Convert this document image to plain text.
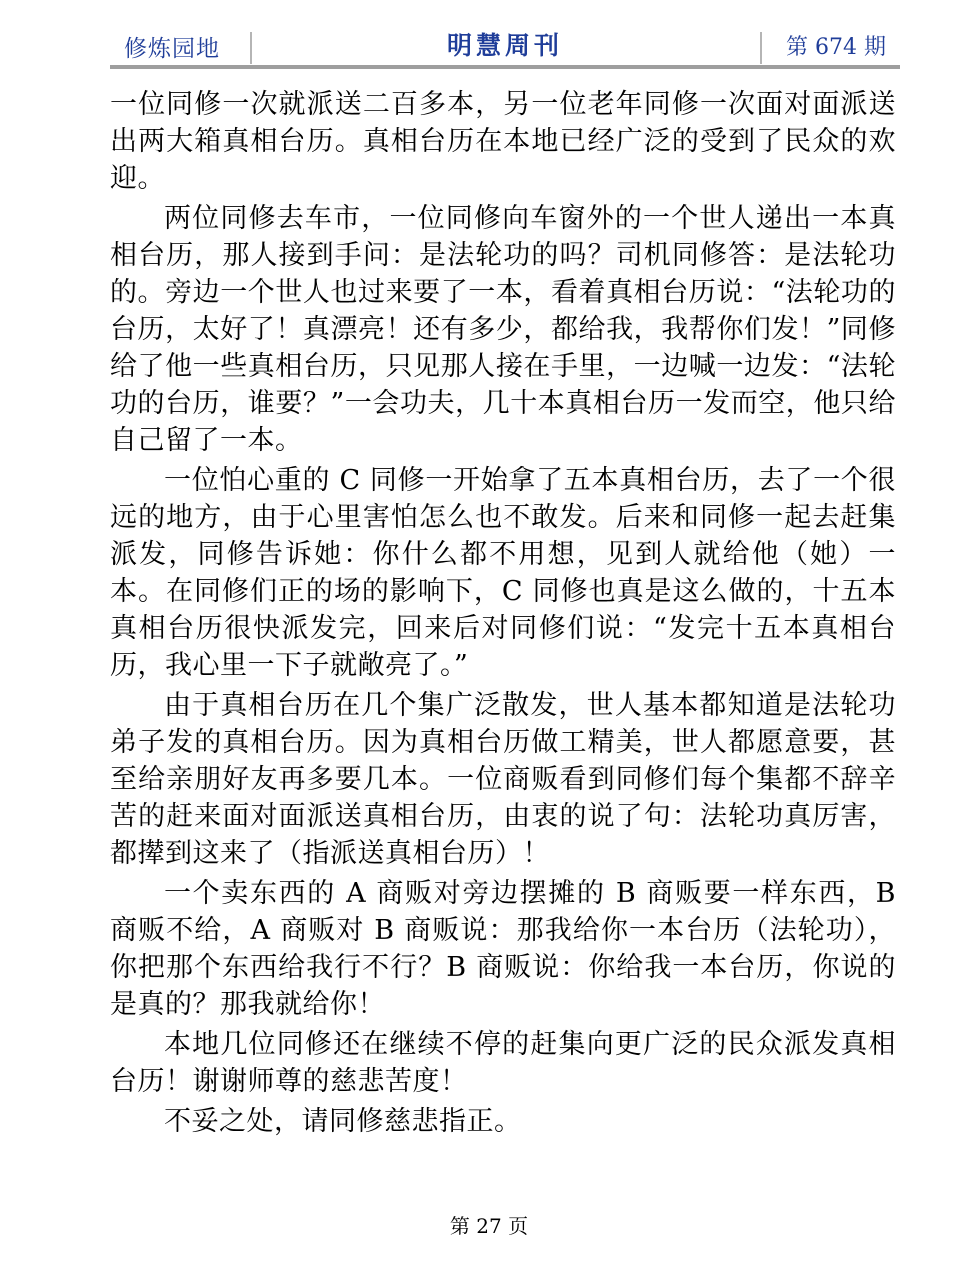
修炼园地	明慧周刊	第 674 期

一位同修一次就派送二百多本，另一位老年同修一次面对面派送出两大箱真相台历。真相台历在本地已经广泛的受到了民众的欢迎。

两位同修去车市，一位同修向车窗外的一个世人递出一本真相台历，那人接到手问：是法轮功的吗？司机同修答：是法轮功的。旁边一个世人也过来要了一本，看着真相台历说：“法轮功的台历，太好了！真漂亮！还有多少，都给我，我帮你们发！”同修给了他一些真相台历，只见那人接在手里，一边喊一边发：“法轮功的台历，谁要？”一会功夫，几十本真相台历一发而空，他只给自己留了一本。

一位怕心重的 C 同修一开始拿了五本真相台历，去了一个很远的地方，由于心里害怕怎么也不敢发。后来和同修一起去赶集派发，同修告诉她：你什么都不用想，见到人就给他（她）一本。在同修们正的场的影响下，C 同修也真是这么做的，十五本真相台历很快派发完，回来后对同修们说：“发完十五本真相台历，我心里一下子就敞亮了。”

由于真相台历在几个集广泛散发，世人基本都知道是法轮功弟子发的真相台历。因为真相台历做工精美，世人都愿意要，甚至给亲朋好友再多要几本。一位商贩看到同修们每个集都不辞辛苦的赶来面对面派送真相台历，由衷的说了句：法轮功真厉害，都撵到这来了（指派送真相台历）！

一个卖东西的 A 商贩对旁边摆摊的 B 商贩要一样东西，B 商贩不给，A 商贩对 B 商贩说：那我给你一本台历（法轮功），你把那个东西给我行不行？B 商贩说：你给我一本台历，你说的是真的？那我就给你！

本地几位同修还在继续不停的赶集向更广泛的民众派发真相台历！谢谢师尊的慈悲苦度！

不妥之处，请同修慈悲指正。

第 27 页
